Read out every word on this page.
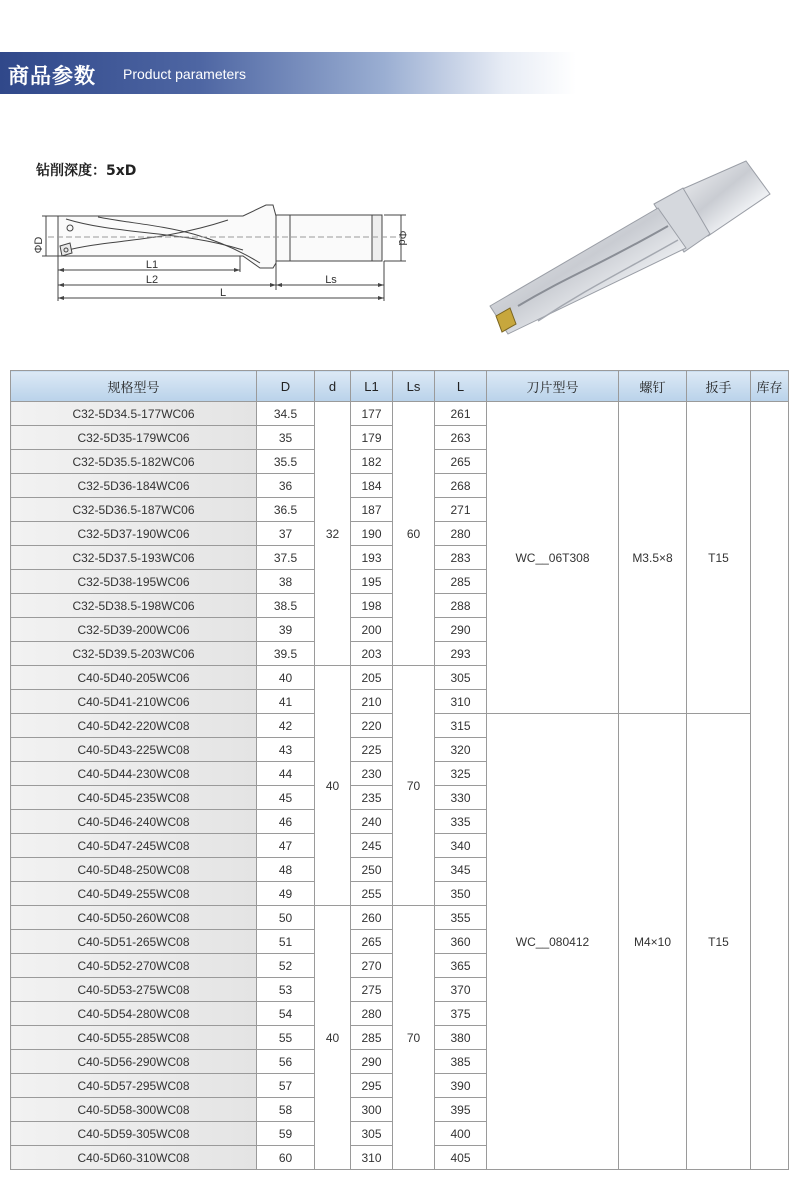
商品参数 Product parameters
钻削深度：5xD
ΦD	Φd
L1
L2
L
Ls
规格型号	D	d	L1	Ls	L	刀片型号	螺钉	扳手	库存
C32-5D34.5-177WC06	34.5	32	177	60	261	WC__06T308	M3.5×8	T15	
C32-5D35-179WC06	35		179		263				
C32-5D35.5-182WC06	35.5		182		265				
C32-5D36-184WC06	36		184		268				
C32-5D36.5-187WC06	36.5		187		271				
C32-5D37-190WC06	37		190		280				
C32-5D37.5-193WC06	37.5		193		283				
C32-5D38-195WC06	38		195		285				
C32-5D38.5-198WC06	38.5		198		288				
C32-5D39-200WC06	39		200		290				
C32-5D39.5-203WC06	39.5		203		293				
C40-5D40-205WC06	40	40	205	70	305				
C40-5D41-210WC06	41		210		310				
C40-5D42-220WC08	42		220		315	WC__080412	M4×10	T15	
C40-5D43-225WC08	43		225		320				
C40-5D44-230WC08	44		230		325				
C40-5D45-235WC08	45		235		330				
C40-5D46-240WC08	46		240		335				
C40-5D47-245WC08	47		245		340				
C40-5D48-250WC08	48		250		345				
C40-5D49-255WC08	49		255		350				
C40-5D50-260WC08	50	40	260	70	355				
C40-5D51-265WC08	51		265		360				
C40-5D52-270WC08	52		270		365				
C40-5D53-275WC08	53		275		370				
C40-5D54-280WC08	54		280		375				
C40-5D55-285WC08	55		285		380				
C40-5D56-290WC08	56		290		385				
C40-5D57-295WC08	57		295		390				
C40-5D58-300WC08	58		300		395				
C40-5D59-305WC08	59		305		400				
C40-5D60-310WC08	60		310		405				
